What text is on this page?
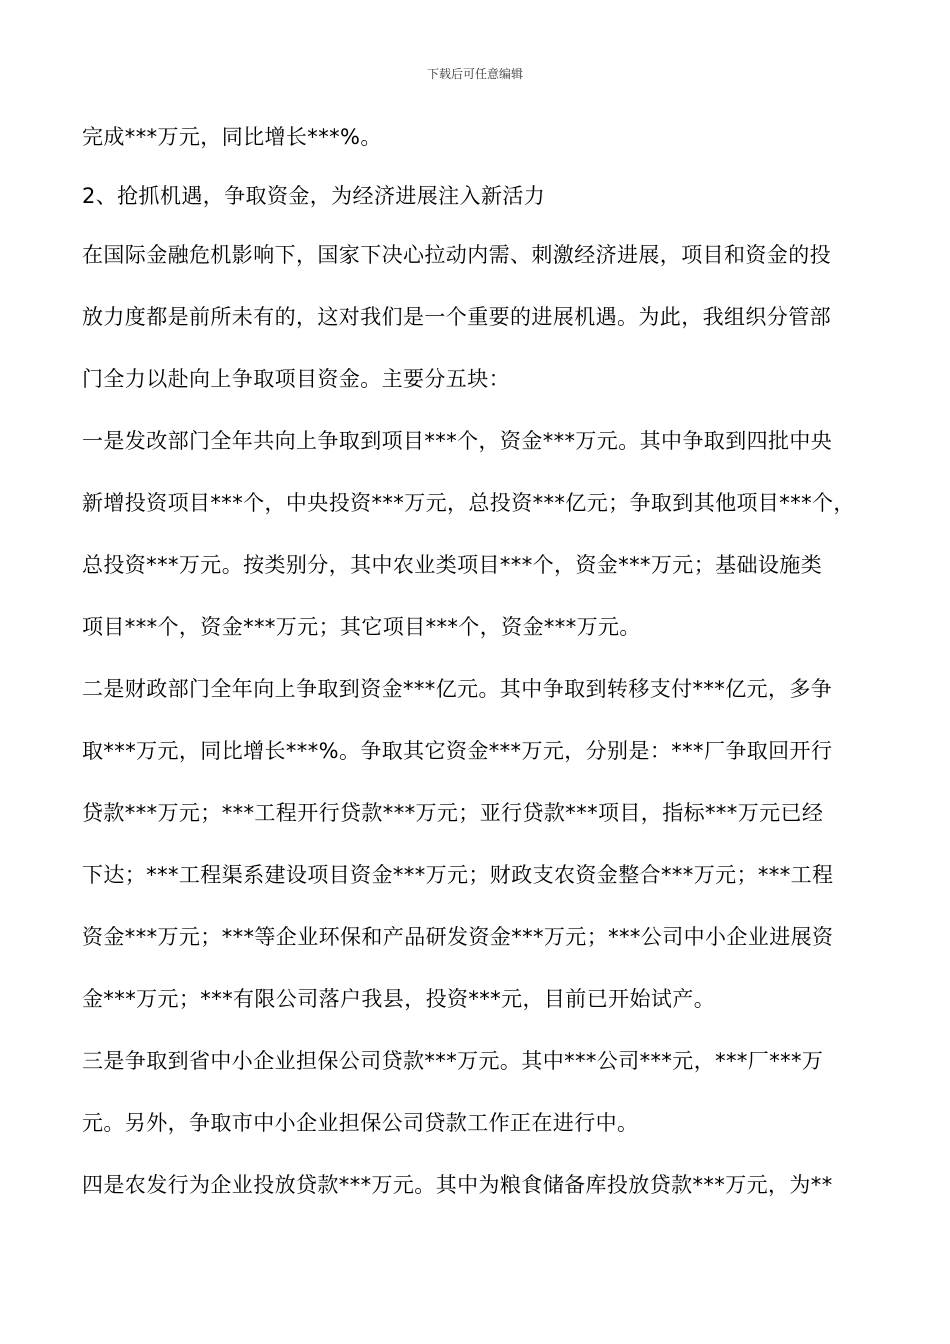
下载后可任意编辑
完成***万元，同比增长***%。
2、抢抓机遇，争取资金，为经济进展注入新活力
在国际金融危机影响下，国家下决心拉动内需、刺激经济进展，项目和资金的投
放力度都是前所未有的，这对我们是一个重要的进展机遇。为此，我组织分管部
门全力以赴向上争取项目资金。主要分五块：
一是发改部门全年共向上争取到项目***个，资金***万元。其中争取到四批中央
新增投资项目***个，中央投资***万元，总投资***亿元；争取到其他项目***个，
总投资***万元。按类别分，其中农业类项目***个，资金***万元；基础设施类
项目***个，资金***万元；其它项目***个，资金***万元。
二是财政部门全年向上争取到资金***亿元。其中争取到转移支付***亿元，多争
取***万元，同比增长***%。争取其它资金***万元，分别是：***厂争取回开行
贷款***万元；***工程开行贷款***万元；亚行贷款***项目，指标***万元已经
下达；***工程渠系建设项目资金***万元；财政支农资金整合***万元；***工程
资金***万元；***等企业环保和产品研发资金***万元；***公司中小企业进展资
金***万元；***有限公司落户我县，投资***元，目前已开始试产。
三是争取到省中小企业担保公司贷款***万元。其中***公司***元，***厂***万
元。另外，争取市中小企业担保公司贷款工作正在进行中。
四是农发行为企业投放贷款***万元。其中为粮食储备库投放贷款***万元，为**
